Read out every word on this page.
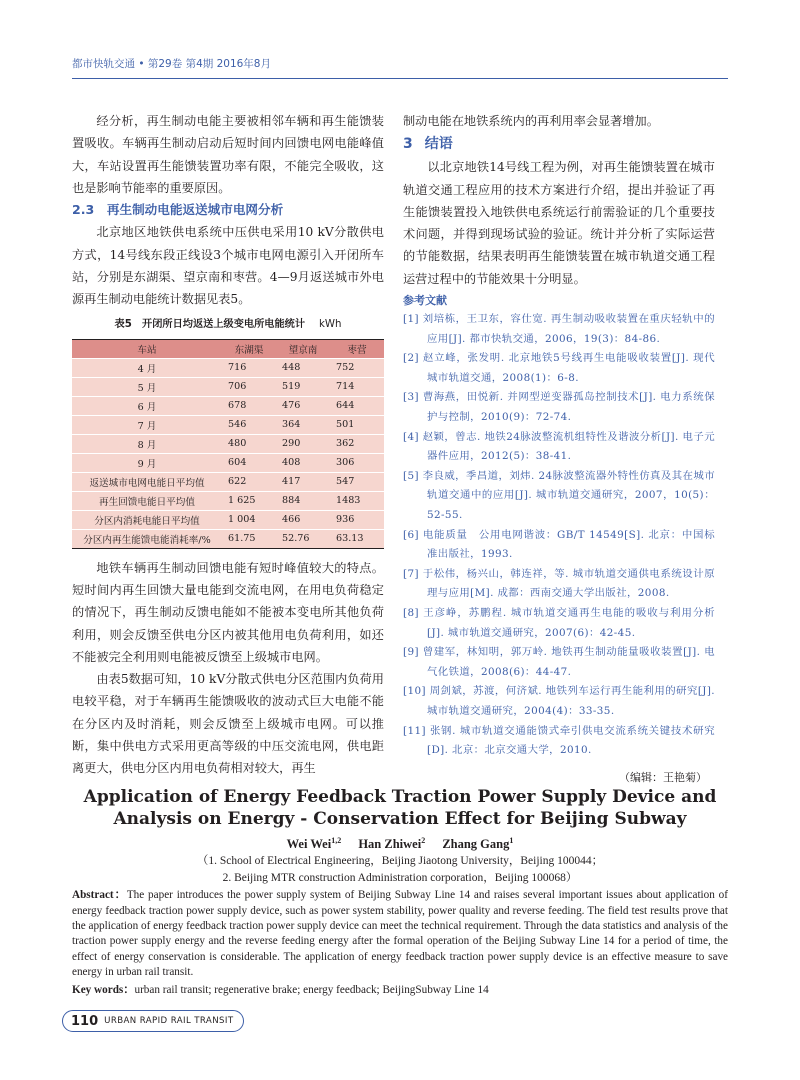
都市快轨交通 • 第29卷 第4期 2016年8月

经分析，再生制动电能主要被相邻车辆和再生能馈装置吸收。车辆再生制动启动后短时间内回馈电网电能峰值大，车站设置再生能馈装置功率有限，不能完全吸收，这也是影响节能率的重要原因。

2.3　再生制动电能返送城市电网分析

北京地区地铁供电系统中压供电采用10 kV分散供电方式，14号线东段正线设3个城市电网电源引入开闭所车站，分别是东湖渠、望京南和枣营。4—9月返送城市外电源再生制动电能统计数据见表5。

表5　开闭所日均返送上级变电所电能统计 kWh
车站	东湖渠	望京南	枣营
4 月	716	448	752
5 月	706	519	714
6 月	678	476	644
7 月	546	364	501
8 月	480	290	362
9 月	604	408	306
返送城市电网电能日平均值	622	417	547
再生回馈电能日平均值	1 625	884	1483
分区内消耗电能日平均值	1 004	466	936
分区内再生能馈电能消耗率/%	61.75	52.76	63.13

地铁车辆再生制动回馈电能有短时峰值较大的特点。短时间内再生回馈大量电能到交流电网，在用电负荷稳定的情况下，再生制动反馈电能如不能被本变电所其他负荷利用，则会反馈至供电分区内被其他用电负荷利用，如还不能被完全利用则电能被反馈至上级城市电网。

由表5数据可知，10 kV分散式供电分区范围内负荷用电较平稳，对于车辆再生能馈吸收的波动式巨大电能不能在分区内及时消耗，则会反馈至上级城市电网。可以推断，集中供电方式采用更高等级的中压交流电网，供电距离更大，供电分区内用电负荷相对较大，再生

制动电能在地铁系统内的再利用率会显著增加。

3 结语

以北京地铁14号线工程为例，对再生能馈装置在城市轨道交通工程应用的技术方案进行介绍，提出并验证了再生能馈装置投入地铁供电系统运行前需验证的几个重要技术问题，并得到现场试验的验证。统计并分析了实际运营的节能数据，结果表明再生能馈装置在城市轨道交通工程运营过程中的节能效果十分明显。

参考文献

[1] 刘培栋，王卫东，容仕宽. 再生制动吸收装置在重庆轻轨中的应用[J]. 都市快轨交通，2006，19(3)：84-86.

[2] 赵立峰，张发明. 北京地铁5号线再生电能吸收装置[J]. 现代城市轨道交通，2008(1)：6-8.

[3] 曹海燕，田悦新. 并网型逆变器孤岛控制技术[J]. 电力系统保护与控制，2010(9)：72-74.

[4] 赵颖，曾志. 地铁24脉波整流机组特性及谐波分析[J]. 电子元器件应用，2012(5)：38-41.

[5] 李良威，季昌道，刘炜. 24脉波整流器外特性仿真及其在城市轨道交通中的应用[J]. 城市轨道交通研究，2007，10(5)：52-55.

[6] 电能质量　公用电网谐波：GB/T 14549[S]. 北京：中国标准出版社，1993.

[7] 于松伟，杨兴山，韩连祥，等. 城市轨道交通供电系统设计原理与应用[M]. 成都：西南交通大学出版社，2008.

[8] 王彦峥，苏鹏程. 城市轨道交通再生电能的吸收与利用分析[J]. 城市轨道交通研究，2007(6)：42-45.

[9] 曾建军，林知明，郭万岭. 地铁再生制动能量吸收装置[J]. 电气化铁道，2008(6)：44-47.

[10] 周剑斌，苏渡，何济斌. 地铁列车运行再生能利用的研究[J]. 城市轨道交通研究，2004(4)：33-35.

[11] 张钢. 城市轨道交通能馈式牵引供电交流系统关键技术研究[D]. 北京：北京交通大学，2010.

（编辑：王艳菊）
Application of Energy Feedback Traction Power Supply Device and
Analysis on Energy - Conservation Effect for Beijing Subway
Wei Wei$^{1,2}$ Han Zhiwei$^2$ Zhang Gang$^1$
（1. School of Electrical Engineering，Beijing Jiaotong University，Beijing 100044；
2. Beijing MTR construction Administration corporation，Beijing 100068）

Abstract：The paper introduces the power supply system of Beijing Subway Line 14 and raises several important issues about application of energy feedback traction power supply device, such as power system stability, power quality and reverse feeding. The field test results prove that the application of energy feedback traction power supply device can meet the technical requirement. Through the data statistics and analysis of the traction power supply energy and the reverse feeding energy after the formal operation of the Beijing Subway Line 14 for a period of time, the effect of energy conservation is considerable. The application of energy feedback traction power supply device is an effective measure to save energy in urban rail transit.

Key words：urban rail transit; regenerative brake; energy feedback; BeijingSubway Line 14

110 URBAN RAPID RAIL TRANSIT
